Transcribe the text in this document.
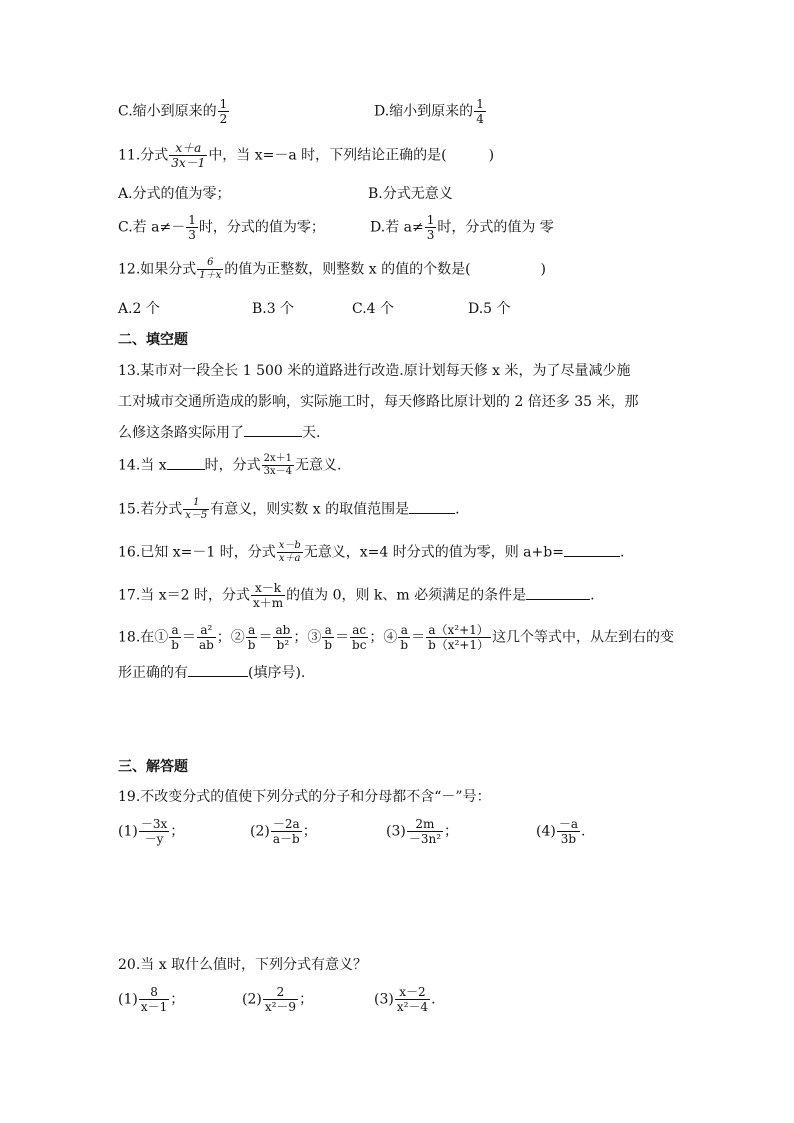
C.缩小到原来的 $\frac{1}{2}$	D.缩小到原来的 $\frac{1}{4}$
11.分式 $\frac{x+a}{3x-1}$ 中，当 x=－a 时，下列结论正确的是(　　　)
A.分式的值为零；	B.分式无意义
C.若 $a\ne- \frac{1}{3}$ 时，分式的值为零；	D.若 $a\ne \frac{1}{3}$ 时，分式的值为 零
12.如果分式 $\frac{6}{1+x}$ 的值为正整数，则整数 x 的值的个数是(　　　　　)
A.2 个	B.3 个	C.4 个	D.5 个
二、填空题
13.某市对一段全长 1 500 米的道路进行改造.原计划每天修 x 米，为了尽量减少施
工对城市交通所造成的影响，实际施工时，每天修路比原计划的 2 倍还多 35 米，那
么修这条路实际用了	天.
14.当 x	时，分式 $\frac{2x+1}{3x-4}$ 无意义.
15.若分式 $\frac{1}{x-5}$ 有意义，则实数 x 的取值范围是	.
16.已知 x=－1 时，分式 $\frac{x-b}{x+a}$ 无意义，x=4 时分式的值为零，则 a+b=	.
17.当 x＝2 时，分式 $\frac{x-k}{x+m}$ 的值为 0，则 k、m 必须满足的条件是	.
18.在① $\frac{a}{b} = \frac{\text{a²}}{ab}$ ；② $\frac{a}{b} = \frac{ab}{\text{b²}}$ ；③ $\frac{a}{b} = \frac{ac}{bc}$ ；④ $\frac{a}{b} = \frac{\text{a（x²+1）}}{\text{b（x²+1）}}$ 这几个等式中，从左到右的变
形正确的有	(填序号).
三、解答题
19.不改变分式的值使下列分式的分子和分母都不含“－”号：
$(1) \frac{-3x}{-y}$ ；	$(2) \frac{-2a}{a-b}$ ；	$(3) \frac{2m}{\text{－3n²}}$ ；	$(4) \frac{-a}{3b}$ .
20.当 x 取什么值时，下列分式有意义？
$(1) \frac{8}{x-1}$ ；	$(2) \frac{2}{\text{x²－9}}$ ；	$(3) \frac{x-2}{\text{x²－4}}$ .
